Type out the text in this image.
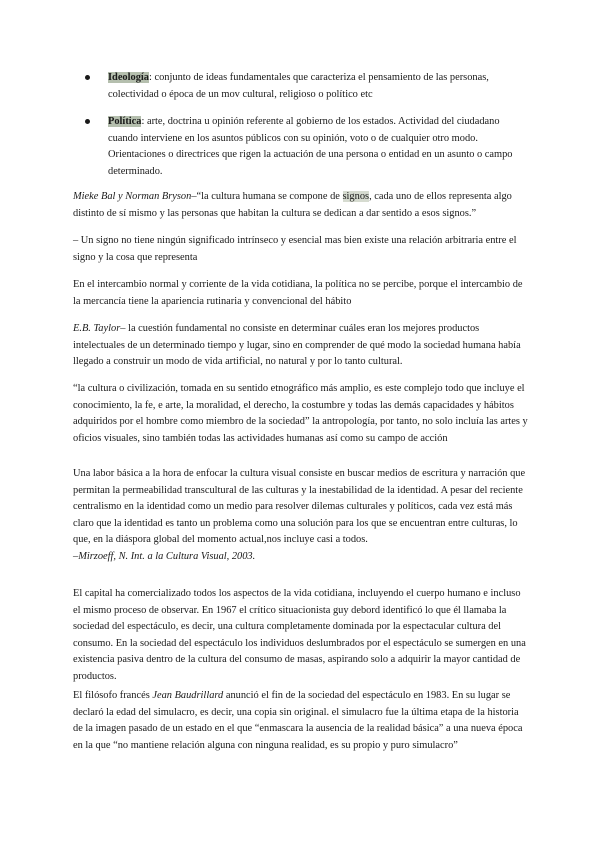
Ideología: conjunto de ideas fundamentales que caracteriza el pensamiento de las personas, colectividad o época de un mov cultural, religioso o político etc

Política: arte, doctrina u opinión referente al gobierno de los estados. Actividad del ciudadano cuando interviene en los asuntos públicos con su opinión, voto o de cualquier otro modo. Orientaciones o directrices que rigen la actuación de una persona o entidad en un asunto o campo determinado.

Mieke Bal y Norman Bryson–“la cultura humana se compone de signos, cada uno de ellos representa algo distinto de sí mismo y las personas que habitan la cultura se dedican a dar sentido a esos signos.”

– Un signo no tiene ningún significado intrínseco y esencial mas bien existe una relación arbitraria entre el signo y la cosa que representa

En el intercambio normal y corriente de la vida cotidiana, la política no se percibe, porque el intercambio de la mercancía tiene la apariencia rutinaria y convencional del hábito

E.B. Taylor– la cuestión fundamental no consiste en determinar cuáles eran los mejores productos intelectuales de un determinado tiempo y lugar, sino en comprender de qué modo la sociedad humana había llegado a construir un modo de vida artificial, no natural y por lo tanto cultural.

“la cultura o civilización, tomada en su sentido etnográfico más amplio, es este complejo todo que incluye el conocimiento, la fe, e arte, la moralidad, el derecho, la costumbre y todas las demás capacidades y hábitos adquiridos por el hombre como miembro de la sociedad” la antropología, por tanto, no solo incluía las artes y oficios visuales, sino también todas las actividades humanas así como su campo de acción

Una labor básica a la hora de enfocar la cultura visual consiste en buscar medios de escritura y narración que permitan la permeabilidad transcultural de las culturas y la inestabilidad de la identidad. A pesar del reciente centralismo en la identidad como un medio para resolver dilemas culturales y políticos, cada vez está más claro que la identidad es tanto un problema como una solución para los que se encuentran entre culturas, lo que, en la diáspora global del momento actual,nos incluye casi a todos.
–Mirzoeff, N. Int. a la Cultura Visual, 2003.

El capital ha comercializado todos los aspectos de la vida cotidiana, incluyendo el cuerpo humano e incluso el mismo proceso de observar. En 1967 el crítico situacionista guy debord identificó lo que él llamaba la sociedad del espectáculo, es decir, una cultura completamente dominada por la espectacular cultura del consumo. En la sociedad del espectáculo los individuos deslumbrados por el espectáculo se sumergen en una existencia pasiva dentro de la cultura del consumo de masas, aspirando solo a adquirir la mayor cantidad de productos.

El filósofo francés Jean Baudrillard anunció el fin de la sociedad del espectáculo en 1983. En su lugar se declaró la edad del simulacro, es decir, una copia sin original. el simulacro fue la última etapa de la historia de la imagen pasado de un estado en el que “enmascara la ausencia de la realidad básica” a una nueva época en la que “no mantiene relación alguna con ninguna realidad, es su propio y puro simulacro”
